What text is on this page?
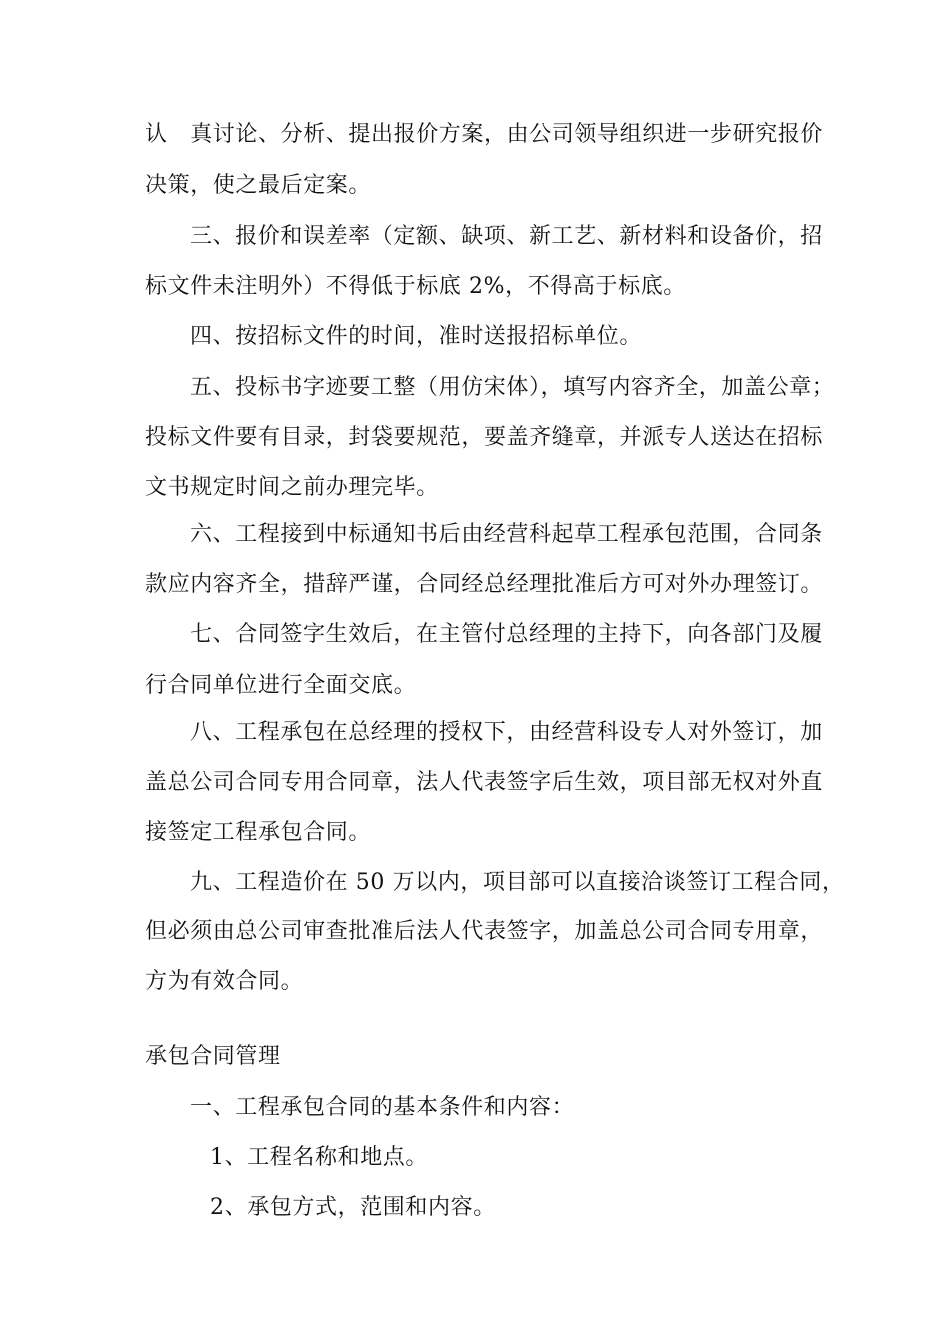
认　真讨论、分析、提出报价方案，由公司领导组织进一步研究报价
决策，使之最后定案。
三、报价和误差率（定额、缺项、新工艺、新材料和设备价，招
标文件未注明外）不得低于标底 2%，不得高于标底。
四、按招标文件的时间，准时送报招标单位。
五、投标书字迹要工整（用仿宋体），填写内容齐全，加盖公章；
投标文件要有目录，封袋要规范，要盖齐缝章，并派专人送达在招标
文书规定时间之前办理完毕。
六、工程接到中标通知书后由经营科起草工程承包范围，合同条
款应内容齐全，措辞严谨，合同经总经理批准后方可对外办理签订。
七、合同签字生效后，在主管付总经理的主持下，向各部门及履
行合同单位进行全面交底。
八、工程承包在总经理的授权下，由经营科设专人对外签订，加
盖总公司合同专用合同章，法人代表签字后生效，项目部无权对外直
接签定工程承包合同。
九、工程造价在 50 万以内，项目部可以直接洽谈签订工程合同，
但必须由总公司审查批准后法人代表签字，加盖总公司合同专用章，
方为有效合同。
承包合同管理
一、工程承包合同的基本条件和内容：
1、工程名称和地点。
2、承包方式，范围和内容。
